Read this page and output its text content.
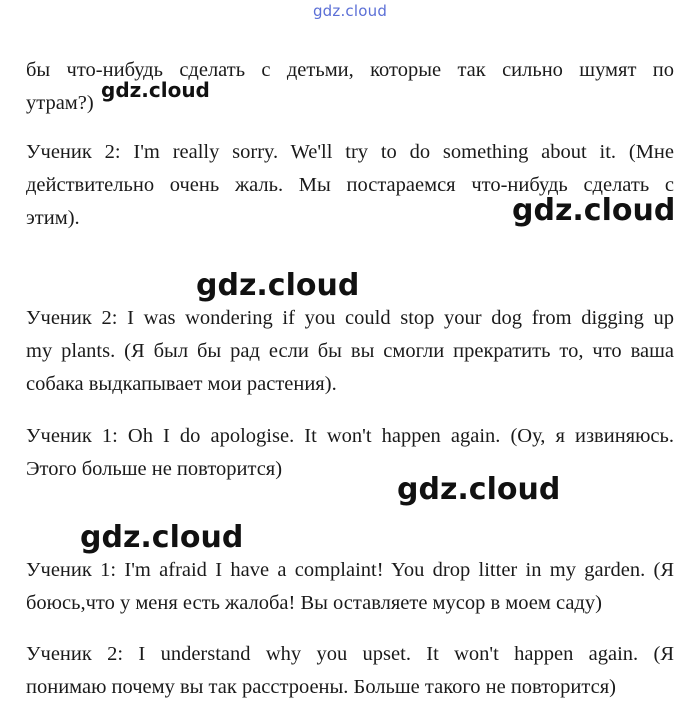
gdz.cloud
бы что-нибудь сделать с детьми, которые так сильно шумят по
утрам?)
Ученик 2: I'm really sorry. We'll try to do something about it. (Мне
действительно очень жаль. Мы постараемся что-нибудь сделать с
этим).
Ученик 2: I was wondering if you could stop your dog from digging up
my plants. (Я был бы рад если бы вы смогли прекратить то, что ваша
собака выдкапывает мои растения).
Ученик 1: Oh I do apologise. It won't happen again. (Оу, я извиняюсь.
Этого больше не повторится)
Ученик 1: I'm afraid I have a complaint! You drop litter in my garden. (Я
боюсь,что у меня есть жалоба! Вы оставляете мусор в моем саду)
Ученик 2: I understand why you upset. It won't happen again. (Я
понимаю почему вы так расстроены. Больше такого не повторится)
gdz.cloud
gdz.cloud
gdz.cloud
gdz.cloud
gdz.cloud
